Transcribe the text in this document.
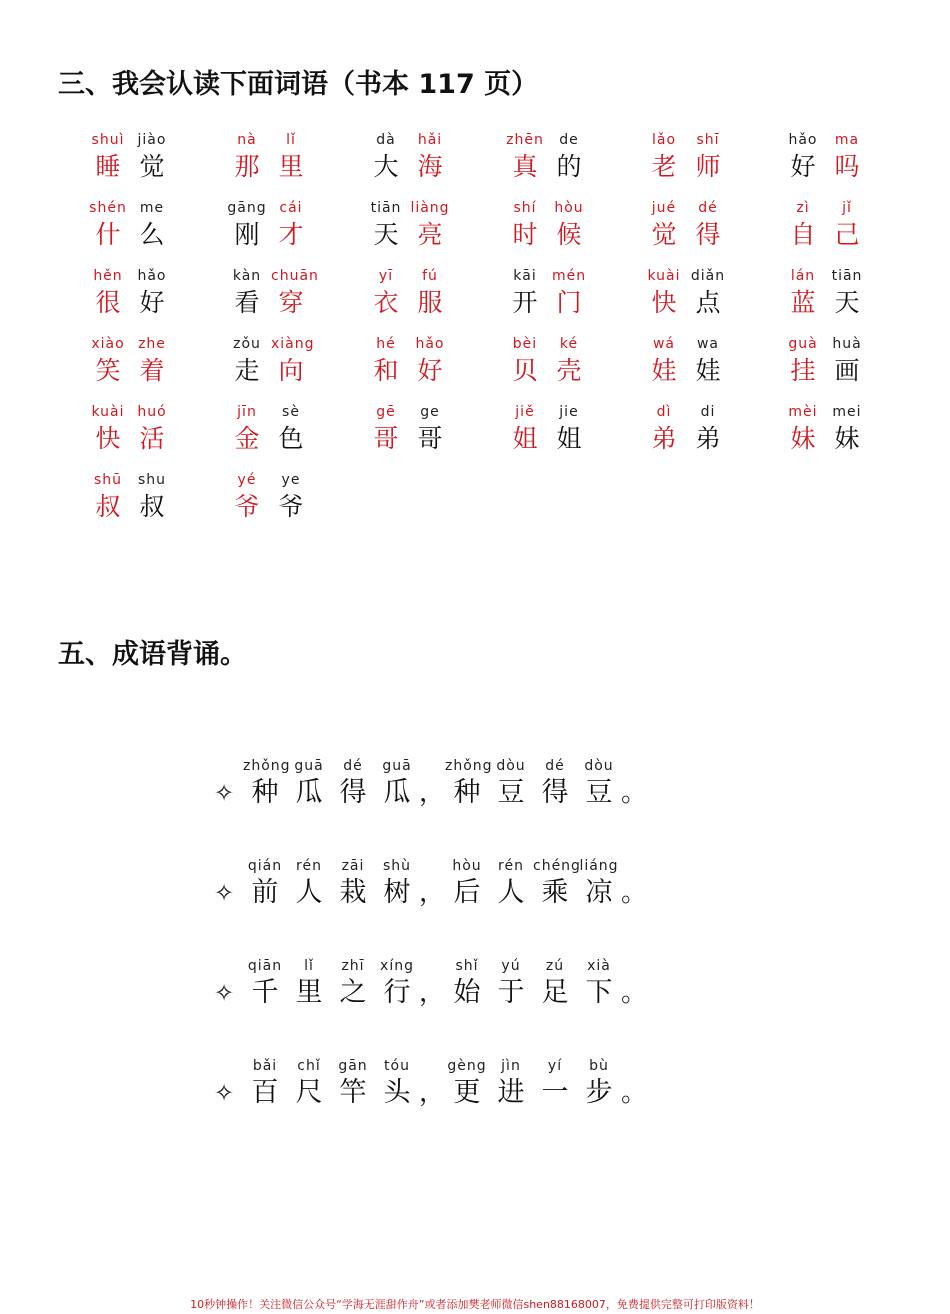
三、我会认读下面词语（书本 117 页）
shuì
睡
jiào
觉
nà
那
lǐ
里
dà
大
hǎi
海
zhēn
真
de
的
lǎo
老
shī
师
hǎo
好
ma
吗
shén
什
me
么
gāng
刚
cái
才
tiān
天
liàng
亮
shí
时
hòu
候
jué
觉
dé
得
zì
自
jǐ
己
hěn
很
hǎo
好
kàn
看
chuān
穿
yī
衣
fú
服
kāi
开
mén
门
kuài
快
diǎn
点
lán
蓝
tiān
天
xiào
笑
zhe
着
zǒu
走
xiàng
向
hé
和
hǎo
好
bèi
贝
ké
壳
wá
娃
wa
娃
guà
挂
huà
画
kuài
快
huó
活
jīn
金
sè
色
gē
哥
ge
哥
jiě
姐
jie
姐
dì
弟
di
弟
mèi
妹
mei
妹
shū
叔
shu
叔
yé
爷
ye
爷
五、成语背诵。
✧
zhǒng
种
guā
瓜
dé
得
guā
瓜 ，
zhǒng
种
dòu
豆
dé
得
dòu
豆 。
✧
qián
前
rén
人
zāi
栽
shù
树 ，
hòu
后
rén
人
chéng
乘
liáng
凉 。
✧
qiān
千
lǐ
里
zhī
之
xíng
行 ，
shǐ
始
yú
于
zú
足
xià
下 。
✧
bǎi
百
chǐ
尺
gān
竿
tóu
头 ，
gèng
更
jìn
进
yí
一
bù
步 。
10秒钟操作！关注微信公众号“学海无涯甜作舟”或者添加樊老师微信shen88168007，免费提供完整可打印版资料！
